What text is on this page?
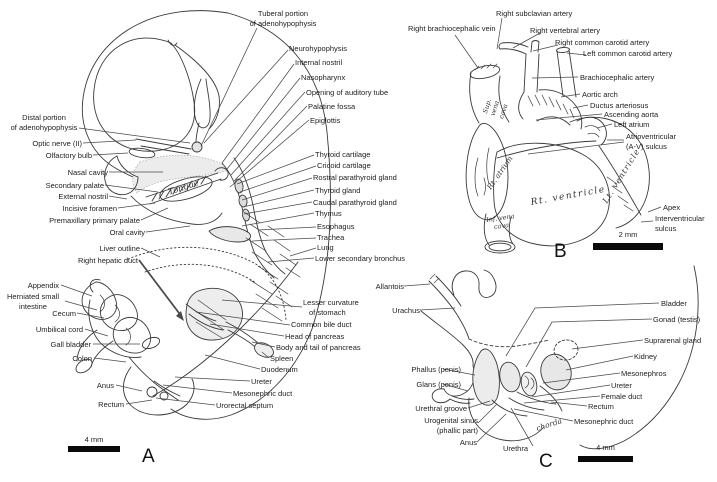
Tuberal portion
of adenohypophysis
Neurohypophysis
Internal nostril
Nasopharynx
Opening of auditory tube
Palatine fossa
Epiglottis
Thyroid cartilage
Cricoid cartilage
Rostral parathyroid gland
Thyroid gland
Caudal parathyroid gland
Thymus
Esophagus
Trachea
Lung
Lower secondary bronchus
Lesser curvature
of stomach
Common bile duct
Head of pancreas
Body and tail of pancreas
Spleen
Duodenum
Ureter
Mesonephric duct
Urorectal septum
Distal portion
of adenohypophysis
Optic nerve (II)
Olfactory bulb
Nasal cavity
Secondary palate
External nostril
Incisive foramen
Premaxillary primary palate
Oral cavity
Liver outline
Right hepatic duct
Appendix
Herniated small
intestine
Cecum
Umbilical cord
Gall bladder
Colon
Anus
Rectum
Tongue
4 mm
A
Right subclavian artery
Right brachiocephalic vein	Right vertebral artery
Right common carotid artery
Left common carotid artery
Brachiocephalic artery
Aortic arch
Ductus arteriosus
Ascending aorta
Left atrium
Atrioventricular
(A-V) sulcus
Apex
Interventricular
sulcus
Sup. vena cava
Rt. atrium
Rt. ventricle
Lt. ventricle
Inf. vena cava
2 mm
B
Allantois
Urachus
Phallus (penis)
Glans (penis)
Urethral groove
Urogenital sinus
(phallic part)
Anus
Urethra
Bladder
Gonad (testis)
Suprarenal gland
Kidney
Mesonephros
Ureter
Female duct
Rectum
Mesonephric duct
chorda
4 mm
C
